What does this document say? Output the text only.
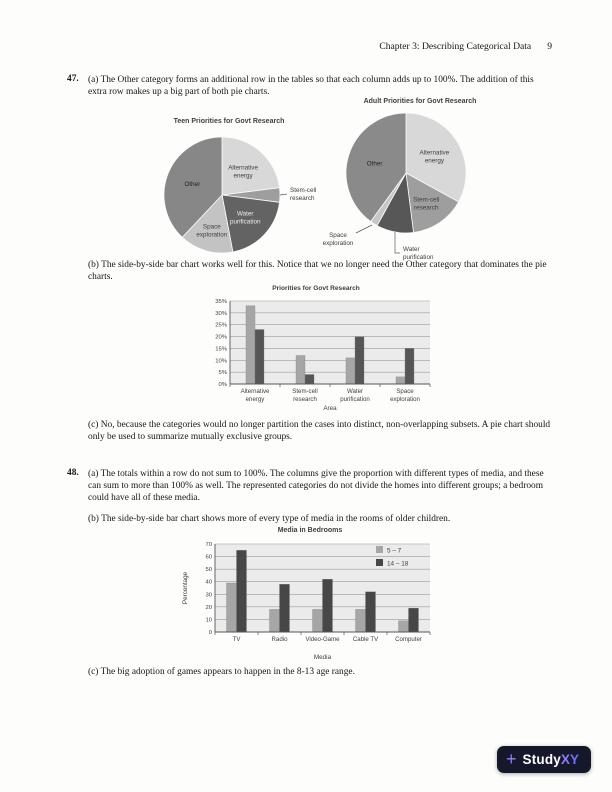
Chapter 3: Describing Categorical Data 9
47. (a) The Other category forms an additional row in the tables so that each column adds up to 100%. The addition of this extra row makes up a big part of both pie charts.
Teen Priorities for Govt Research
Alternative energy
Stem-cell research
Water purification
Space exploration
Other
Adult Priorities for Govt Research
Alternative energy
Stem-cell research
Water purification
Space exploration
Other
(b) The side-by-side bar chart works well for this. Notice that we no longer need the Other category that dominates the pie charts.
Priorities for Govt Research
Alternative energy
Stem-cell research
Water purification
Space exploration
0%
5%
10%
15%
20%
25%
30%
35%
Area
(c) No, because the categories would no longer partition the cases into distinct, non-overlapping subsets. A pie chart should only be used to summarize mutually exclusive groups.
48. (a) The totals within a row do not sum to 100%. The columns give the proportion with different types of media, and these can sum to more than 100% as well. The represented categories do not divide the homes into different groups; a bedroom could have all of these media.
(b) The side-by-side bar chart shows more of every type of media in the rooms of older children.
Media in Bedrooms
TV	Radio	Video-Game Cable TV	Computer
0
10
20
30
40
50
60
70
Media
Percentage
5 – 7
14 – 18
(c) The big adoption of games appears to happen in the 8-13 age range.
+ Study XY
